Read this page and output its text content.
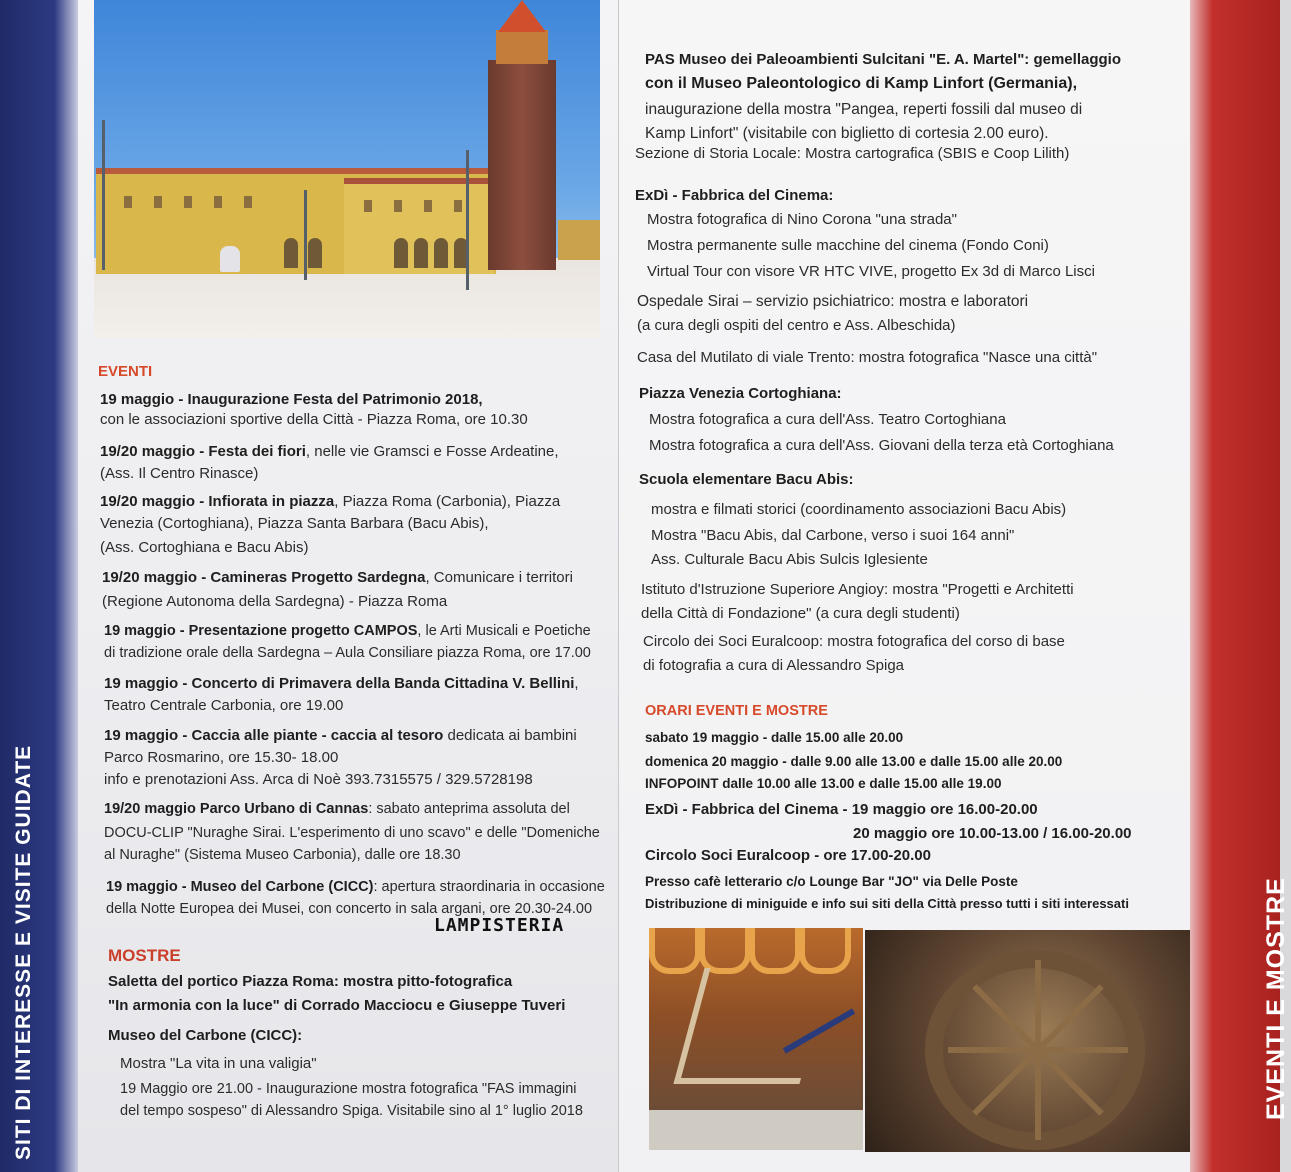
SITI DI INTERESSE E VISITE GUIDATE
EVENTI
19 maggio - Inaugurazione Festa del Patrimonio 2018,
con le associazioni sportive della Città - Piazza Roma, ore 10.30
19/20 maggio - Festa dei fiori, nelle vie Gramsci e Fosse Ardeatine,
(Ass. Il Centro Rinasce)
19/20 maggio - Infiorata in piazza, Piazza Roma (Carbonia), Piazza
Venezia (Cortoghiana), Piazza Santa Barbara (Bacu Abis),
(Ass. Cortoghiana e Bacu Abis)
19/20 maggio - Camineras Progetto Sardegna, Comunicare i territori
(Regione Autonoma della Sardegna) - Piazza Roma
19 maggio - Presentazione progetto CAMPOS, le Arti Musicali e Poetiche
di tradizione orale della Sardegna – Aula Consiliare piazza Roma, ore 17.00
19 maggio - Concerto di Primavera della Banda Cittadina V. Bellini,
Teatro Centrale Carbonia, ore 19.00
19 maggio - Caccia alle piante - caccia al tesoro dedicata ai bambini
Parco Rosmarino, ore 15.30- 18.00
info e prenotazioni Ass. Arca di Noè 393.7315575 / 329.5728198
19/20 maggio Parco Urbano di Cannas: sabato anteprima assoluta del
DOCU-CLIP "Nuraghe Sirai. L'esperimento di uno scavo" e delle "Domeniche
al Nuraghe" (Sistema Museo Carbonia), dalle ore 18.30
19 maggio - Museo del Carbone (CICC): apertura straordinaria in occasione
della Notte Europea dei Musei, con concerto in sala argani, ore 20.30-24.00
LAMPISTERIA
MOSTRE
Saletta del portico Piazza Roma: mostra pitto-fotografica
"In armonia con la luce" di Corrado Macciocu e Giuseppe Tuveri
Museo del Carbone (CICC):
Mostra "La vita in una valigia"
19 Maggio ore 21.00 - Inaugurazione mostra fotografica "FAS immagini
del tempo sospeso" di Alessandro Spiga. Visitabile sino al 1° luglio 2018
PAS Museo dei Paleoambienti Sulcitani "E. A. Martel": gemellaggio
con il Museo Paleontologico di Kamp Linfort (Germania),
inaugurazione della mostra "Pangea, reperti fossili dal museo di
Kamp Linfort" (visitabile con biglietto di cortesia 2.00 euro).
Sezione di Storia Locale: Mostra cartografica (SBIS e Coop Lilith)
ExDì - Fabbrica del Cinema:
Mostra fotografica di Nino Corona "una strada"
Mostra permanente sulle macchine del cinema (Fondo Coni)
Virtual Tour con visore VR HTC VIVE, progetto Ex 3d di Marco Lisci
Ospedale Sirai – servizio psichiatrico: mostra e laboratori
(a cura degli ospiti del centro e Ass. Albeschida)
Casa del Mutilato di viale Trento: mostra fotografica "Nasce una città"
Piazza Venezia Cortoghiana:
Mostra fotografica a cura dell'Ass. Teatro Cortoghiana
Mostra fotografica a cura dell'Ass. Giovani della terza età Cortoghiana
Scuola elementare Bacu Abis:
mostra e filmati storici (coordinamento associazioni Bacu Abis)
Mostra "Bacu Abis, dal Carbone, verso i suoi 164 anni"
Ass. Culturale Bacu Abis Sulcis Iglesiente
Istituto d'Istruzione Superiore Angioy: mostra "Progetti e Architetti
della Città di Fondazione" (a cura degli studenti)
Circolo dei Soci Euralcoop: mostra fotografica del corso di base
di fotografia a cura di Alessandro Spiga
ORARI EVENTI E MOSTRE
sabato 19 maggio - dalle 15.00 alle 20.00
domenica 20 maggio - dalle 9.00 alle 13.00 e dalle 15.00 alle 20.00
INFOPOINT dalle 10.00 alle 13.00 e dalle 15.00 alle 19.00
ExDì - Fabbrica del Cinema - 19 maggio ore 16.00-20.00
20 maggio ore 10.00-13.00 / 16.00-20.00
Circolo Soci Euralcoop - ore 17.00-20.00
Presso cafè letterario c/o Lounge Bar "JO" via Delle Poste
Distribuzione di miniguide e info sui siti della Città presso tutti i siti interessati	EVENTI E MOSTRE
